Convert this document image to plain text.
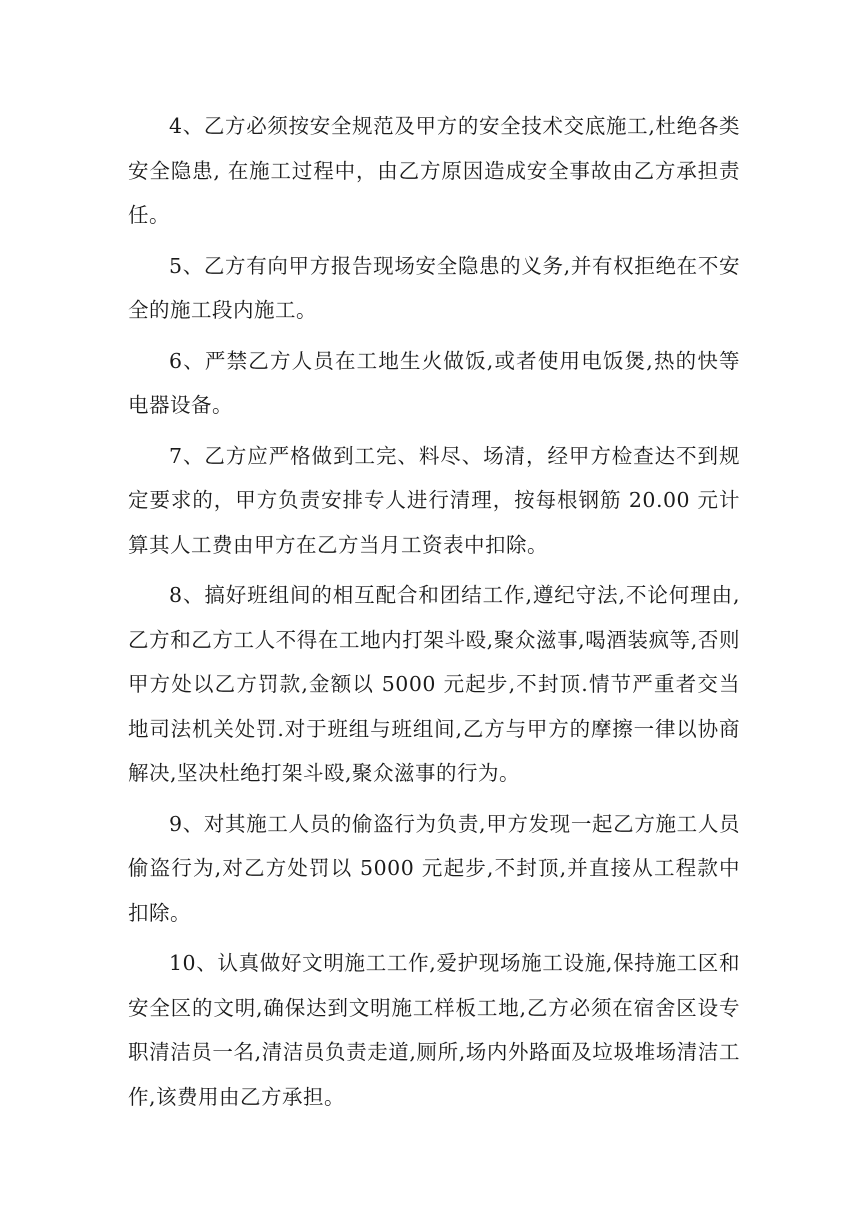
4、乙方必须按安全规范及甲方的安全技术交底施工,杜绝各类安全隐患, 在施工过程中，由乙方原因造成安全事故由乙方承担责任。

5、乙方有向甲方报告现场安全隐患的义务,并有权拒绝在不安全的施工段内施工。

6、严禁乙方人员在工地生火做饭,或者使用电饭煲,热的快等电器设备。

7、乙方应严格做到工完、料尽、场清，经甲方检查达不到规定要求的，甲方负责安排专人进行清理，按每根钢筋 20.00 元计算其人工费由甲方在乙方当月工资表中扣除。

8、搞好班组间的相互配合和团结工作,遵纪守法,不论何理由,乙方和乙方工人不得在工地内打架斗殴,聚众滋事,喝酒装疯等,否则甲方处以乙方罚款,金额以 5000 元起步,不封顶.情节严重者交当地司法机关处罚.对于班组与班组间,乙方与甲方的摩擦一律以协商解决,坚决杜绝打架斗殴,聚众滋事的行为。

9、对其施工人员的偷盗行为负责,甲方发现一起乙方施工人员偷盗行为,对乙方处罚以 5000 元起步,不封顶,并直接从工程款中扣除。

10、认真做好文明施工工作,爱护现场施工设施,保持施工区和安全区的文明,确保达到文明施工样板工地,乙方必须在宿舍区设专职清洁员一名,清洁员负责走道,厕所,场内外路面及垃圾堆场清洁工作,该费用由乙方承担。
